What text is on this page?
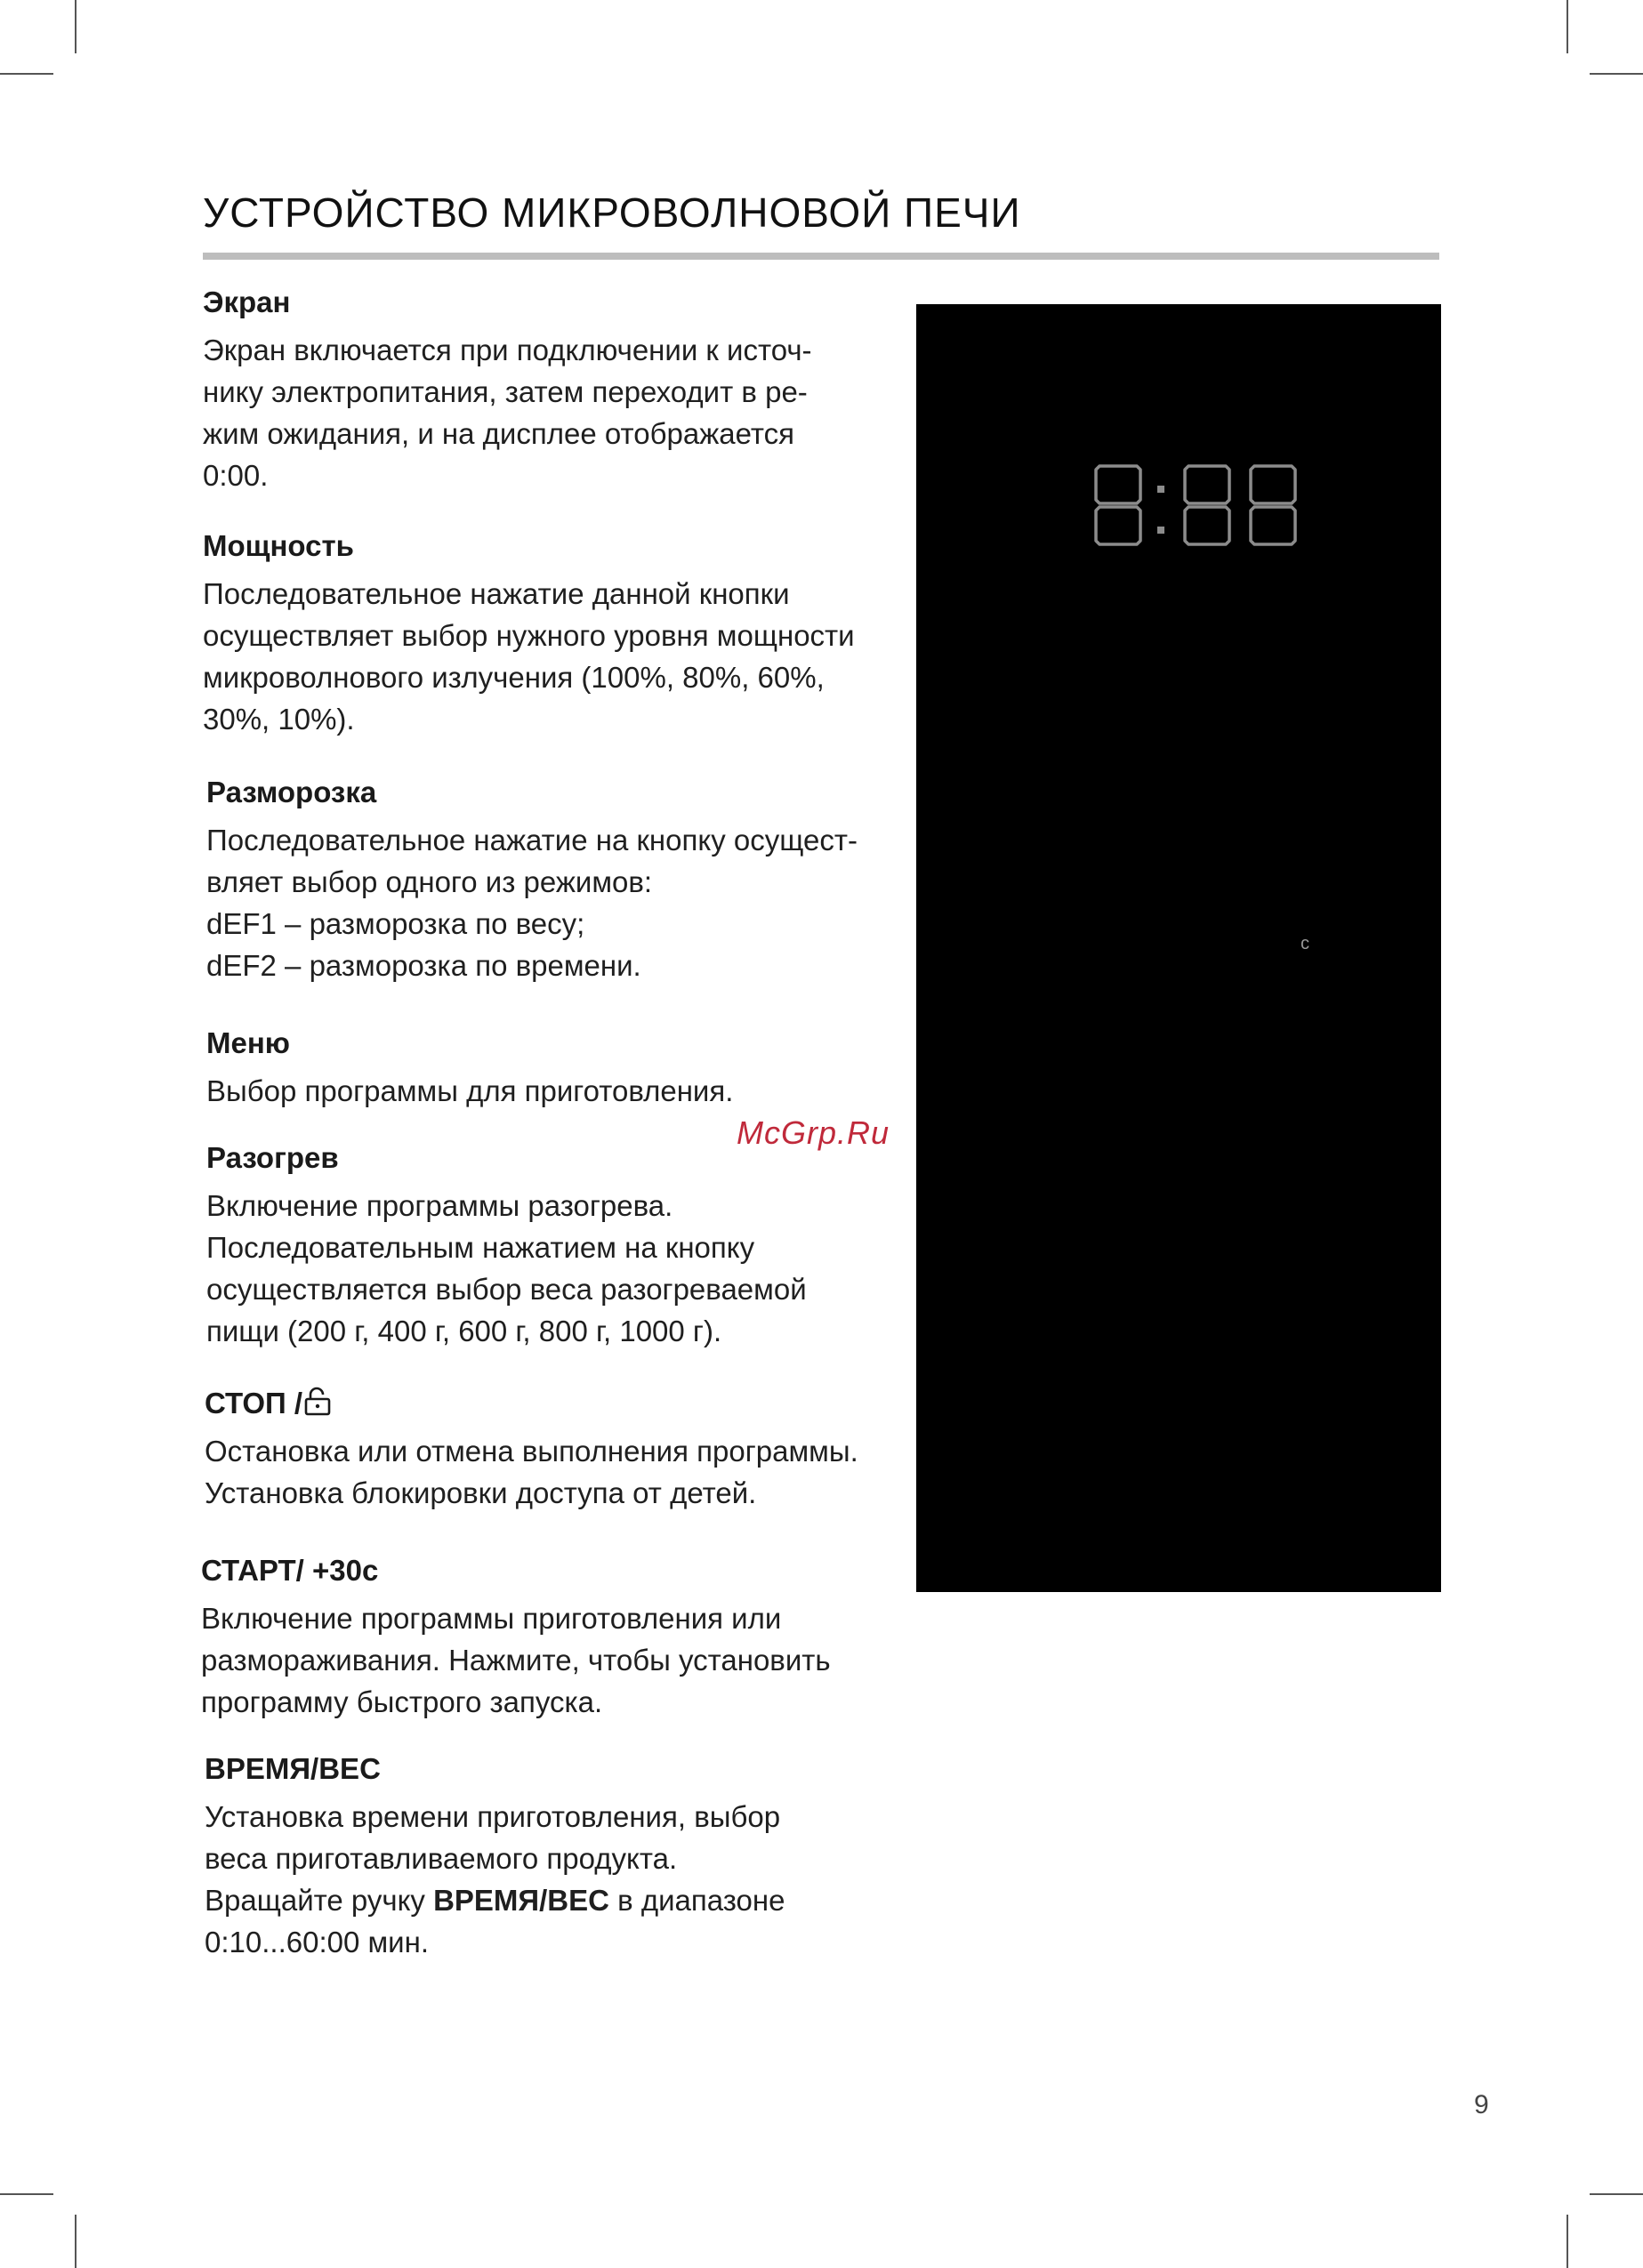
УСТРОЙСТВО МИКРОВОЛНОВОЙ ПЕЧИ
Экран

Экран включается при подключении к источ-

нику электропитания, затем переходит в ре-

жим ожидания, и на дисплее отображается

0:00.

Мощность

Последовательное нажатие данной кнопки

осуществляет выбор нужного уровня мощности

микроволнового излучения (100%, 80%, 60%,

30%, 10%).

Разморозка

Последовательное нажатие на кнопку осущест-

вляет выбор одного из режимов:

dEF1 – разморозка по весу;

dEF2 – разморозка по времени.

Меню

Выбор программы для приготовления.

Разогрев

Включение программы разогрева.

Последовательным нажатием на кнопку

осуществляется выбор веса разогреваемой

пищи (200 г, 400 г, 600 г, 800 г, 1000 г).

СТОП /

Остановка или отмена выполнения программы.

Установка блокировки доступа от детей.

СТАРТ/ +30с

Включение программы приготовления или

размораживания. Нажмите, чтобы установить

программу быстрого запуска.

ВРЕМЯ/ВЕС

Установка времени приготовления, выбор

веса приготавливаемого продукта.

Вращайте ручку ВРЕМЯ/ВЕС в диапазоне

0:10...60:00 мин.

c
McGrp.Ru
9
